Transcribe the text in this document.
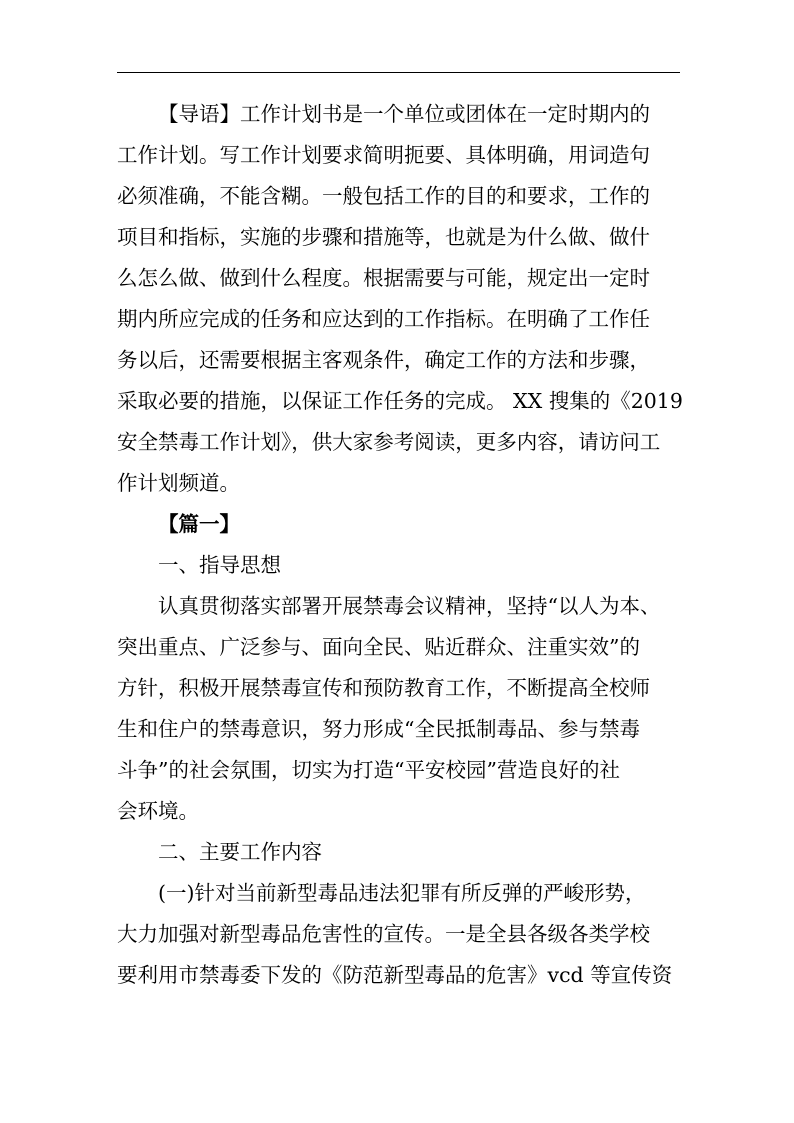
【导语】工作计划书是一个单位或团体在一定时期内的
工作计划。写工作计划要求简明扼要、具体明确，用词造句
必须准确，不能含糊。一般包括工作的目的和要求，工作的
项目和指标，实施的步骤和措施等，也就是为什么做、做什
么怎么做、做到什么程度。根据需要与可能，规定出一定时
期内所应完成的任务和应达到的工作指标。在明确了工作任
务以后，还需要根据主客观条件，确定工作的方法和步骤，
采取必要的措施，以保证工作任务的完成。 XX 搜集的《2019
安全禁毒工作计划》，供大家参考阅读，更多内容，请访问工
作计划频道。
【篇一】
一、指导思想
认真贯彻落实部署开展禁毒会议精神，坚持“以人为本、
突出重点、广泛参与、面向全民、贴近群众、注重实效”的
方针，积极开展禁毒宣传和预防教育工作，不断提高全校师
生和住户的禁毒意识，努力形成“全民抵制毒品、参与禁毒
斗争”的社会氛围，切实为打造“平安校园”营造良好的社
会环境。
二、主要工作内容
(一)针对当前新型毒品违法犯罪有所反弹的严峻形势，
大力加强对新型毒品危害性的宣传。一是全县各级各类学校
要利用市禁毒委下发的《防范新型毒品的危害》vcd 等宣传资
